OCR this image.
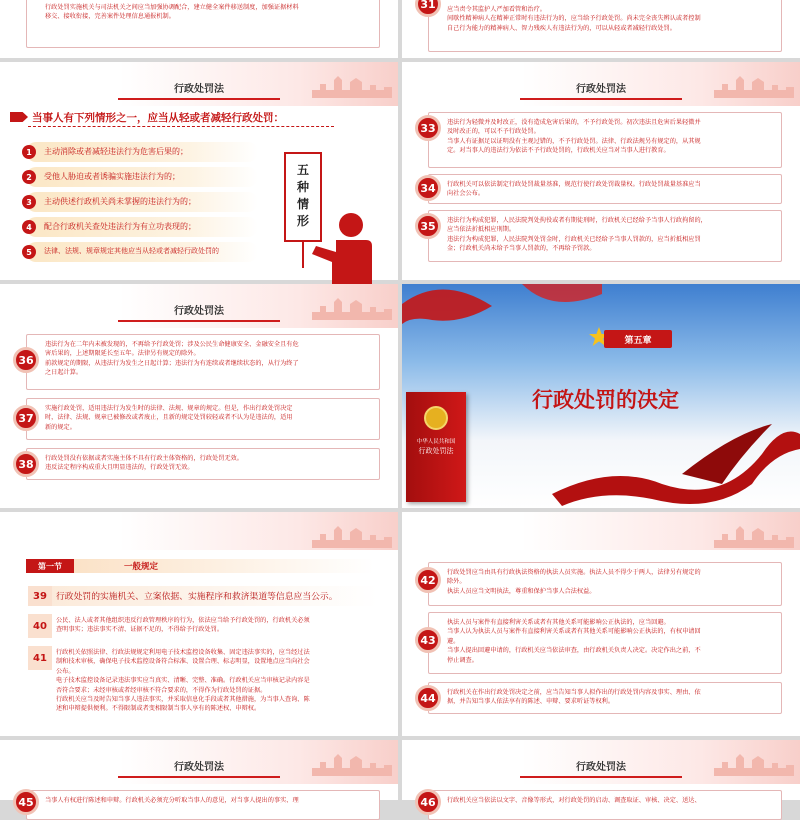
行政处罚实施机关与司法机关之间应当加强协调配合，建立健全案件移送制度，加强证据材料
移交、接收衔接，完善案件处理信息通报机制。
31	应当责令其监护人严加看管和治疗。
间歇性精神病人在精神正常时有违法行为的，应当给予行政处罚。尚未完全丧失辨认或者控制
自己行为能力的精神病人、智力残疾人有违法行为的，可以从轻或者减轻行政处罚。
行政处罚法
当事人有下列情形之一，应当从轻或者减轻行政处罚：
1	主动消除或者减轻违法行为危害后果的；
2	受他人胁迫或者诱骗实施违法行为的；
3	主动供述行政机关尚未掌握的违法行为的；
4	配合行政机关查处违法行为有立功表现的；
5	法律、法规、规章规定其他应当从轻或者减轻行政处罚的
五
种
情
形
行政处罚法
33	违法行为轻微并及时改正，没有造成危害后果的，不予行政处罚。初次违法且危害后果轻微并
及时改正的，可以不予行政处罚。
当事人有证据足以证明没有主观过错的，不予行政处罚。法律、行政法规另有规定的，从其规
定。对当事人的违法行为依法不予行政处罚的，行政机关应当对当事人进行教育。
34	行政机关可以依法制定行政处罚裁量基准，规范行使行政处罚裁量权。行政处罚裁量基准应当
向社会公布。
35	违法行为构成犯罪，人民法院判处拘役或者有期徒刑时，行政机关已经给予当事人行政拘留的，
应当依法折抵相应刑期。
违法行为构成犯罪，人民法院判处罚金时，行政机关已经给予当事人罚款的，应当折抵相应罚
金；行政机关尚未给予当事人罚款的，不再给予罚款。
行政处罚法
36
违法行为在二年内未被发现的，不再给予行政处罚；涉及公民生命健康安全、金融安全且有危
害后果的，上述期限延长至五年。法律另有规定的除外。
前款规定的期限，从违法行为发生之日起计算；违法行为有连续或者继续状态的，从行为终了
之日起计算。
37
实施行政处罚，适用违法行为发生时的法律、法规、规章的规定。但是，作出行政处罚决定
时，法律、法规、规章已被修改或者废止，且新的规定处罚较轻或者不认为是违法的，适用
新的规定。
38	行政处罚没有依据或者实施主体不具有行政主体资格的，行政处罚无效。
违反法定程序构成重大且明显违法的，行政处罚无效。
第五章
行政处罚的决定
中华人民共和国
行政处罚法
第一节	一般规定
39	行政处罚的实施机关、立案依据、实施程序和救济渠道等信息应当公示。
40	公民、法人或者其他组织违反行政管理秩序的行为，依法应当给予行政处罚的，行政机关必须
查明事实；违法事实不清、证据不足的，不得给予行政处罚。
41	行政机关依照法律、行政法规规定利用电子技术监控设备收集、固定违法事实的，应当经过法
制和技术审核，确保电子技术监控设备符合标准、设置合理、标志明显，设置地点应当向社会
公布。
电子技术监控设备记录违法事实应当真实、清晰、完整、准确。行政机关应当审核记录内容是
否符合要求；未经审核或者经审核不符合要求的，不得作为行政处罚的证据。
行政机关应当及时告知当事人违法事实，并采取信息化手段或者其他措施，为当事人查询、陈
述和申辩提供便利。不得限制或者变相限制当事人享有的陈述权、申辩权。
42
行政处罚应当由具有行政执法资格的执法人员实施。执法人员不得少于两人，法律另有规定的
除外。
执法人员应当文明执法，尊重和保护当事人合法权益。
43
执法人员与案件有直接利害关系或者有其他关系可能影响公正执法的，应当回避。
当事人认为执法人员与案件有直接利害关系或者有其他关系可能影响公正执法的，有权申请回
避。
当事人提出回避申请的，行政机关应当依法审查，由行政机关负责人决定。决定作出之前，不
停止调查。
44	行政机关在作出行政处罚决定之前，应当告知当事人拟作出的行政处罚内容及事实、理由、依
据，并告知当事人依法享有的陈述、申辩、要求听证等权利。
行政处罚法
45	当事人有权进行陈述和申辩。行政机关必须充分听取当事人的意见，对当事人提出的事实、理
行政处罚法
46	行政机关应当依法以文字、音像等形式，对行政处罚的启动、调查取证、审核、决定、送达、
